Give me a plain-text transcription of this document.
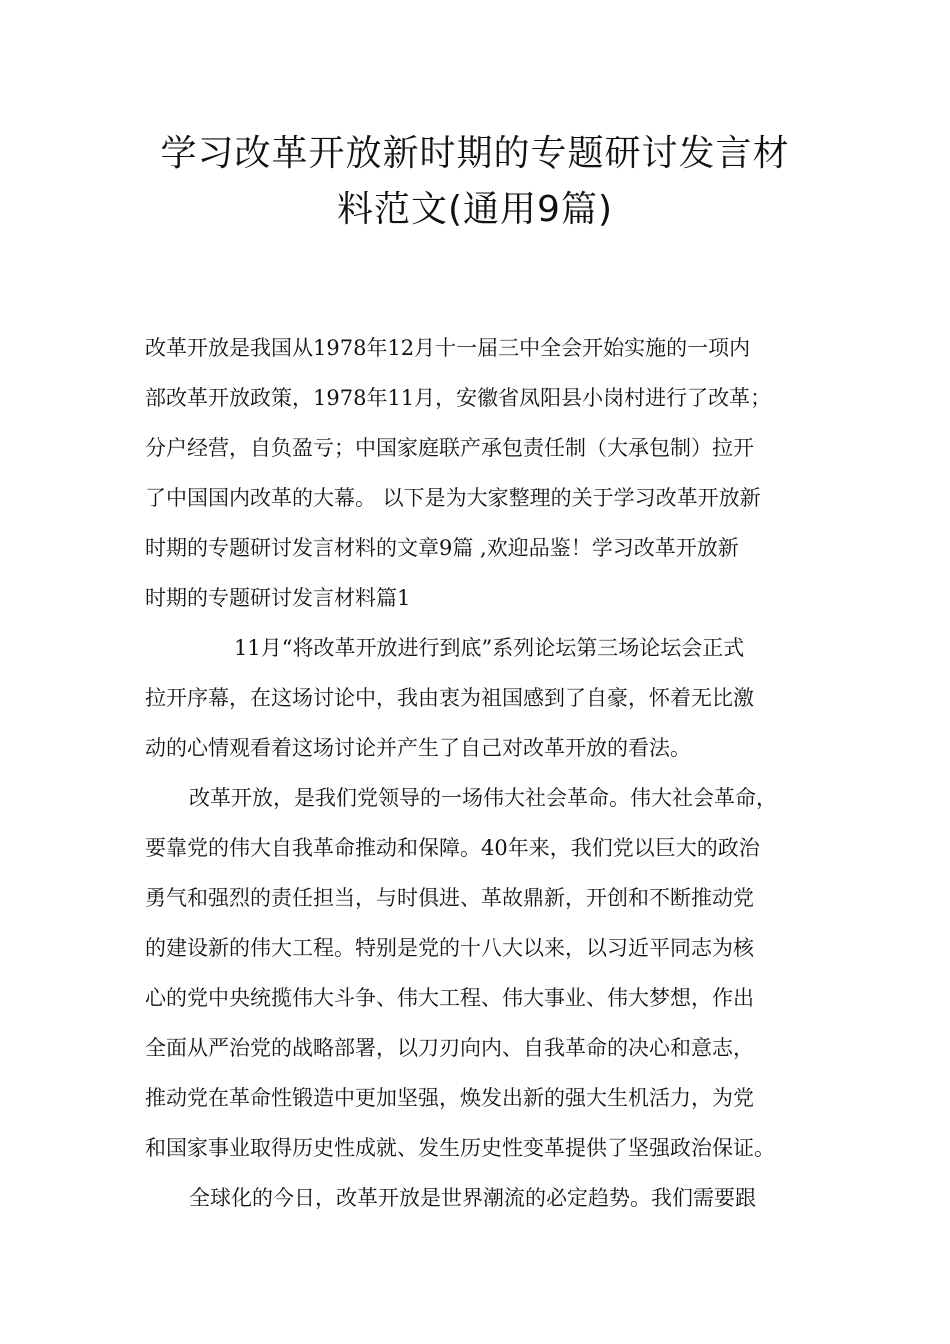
学习改革开放新时期的专题研讨发言材
料范文(通用9篇)

改革开放是我国从1978年12月十一届三中全会开始实施的一项内

部改革开放政策，1978年11月，安徽省凤阳县小岗村进行了改革；

分户经营，自负盈亏；中国家庭联产承包责任制（大承包制）拉开

了中国国内改革的大幕。 以下是为大家整理的关于学习改革开放新

时期的专题研讨发言材料的文章9篇 ,欢迎品鉴！学习改革开放新

时期的专题研讨发言材料篇1

11月“将改革开放进行到底”系列论坛第三场论坛会正式

拉开序幕，在这场讨论中，我由衷为祖国感到了自豪，怀着无比激

动的心情观看着这场讨论并产生了自己对改革开放的看法。

改革开放，是我们党领导的一场伟大社会革命。伟大社会革命，

要靠党的伟大自我革命推动和保障。40年来，我们党以巨大的政治

勇气和强烈的责任担当，与时俱进、革故鼎新，开创和不断推动党

的建设新的伟大工程。特别是党的十八大以来，以习近平同志为核

心的党中央统揽伟大斗争、伟大工程、伟大事业、伟大梦想，作出

全面从严治党的战略部署，以刀刃向内、自我革命的决心和意志，

推动党在革命性锻造中更加坚强，焕发出新的强大生机活力，为党

和国家事业取得历史性成就、发生历史性变革提供了坚强政治保证。

全球化的今日，改革开放是世界潮流的必定趋势。我们需要跟
